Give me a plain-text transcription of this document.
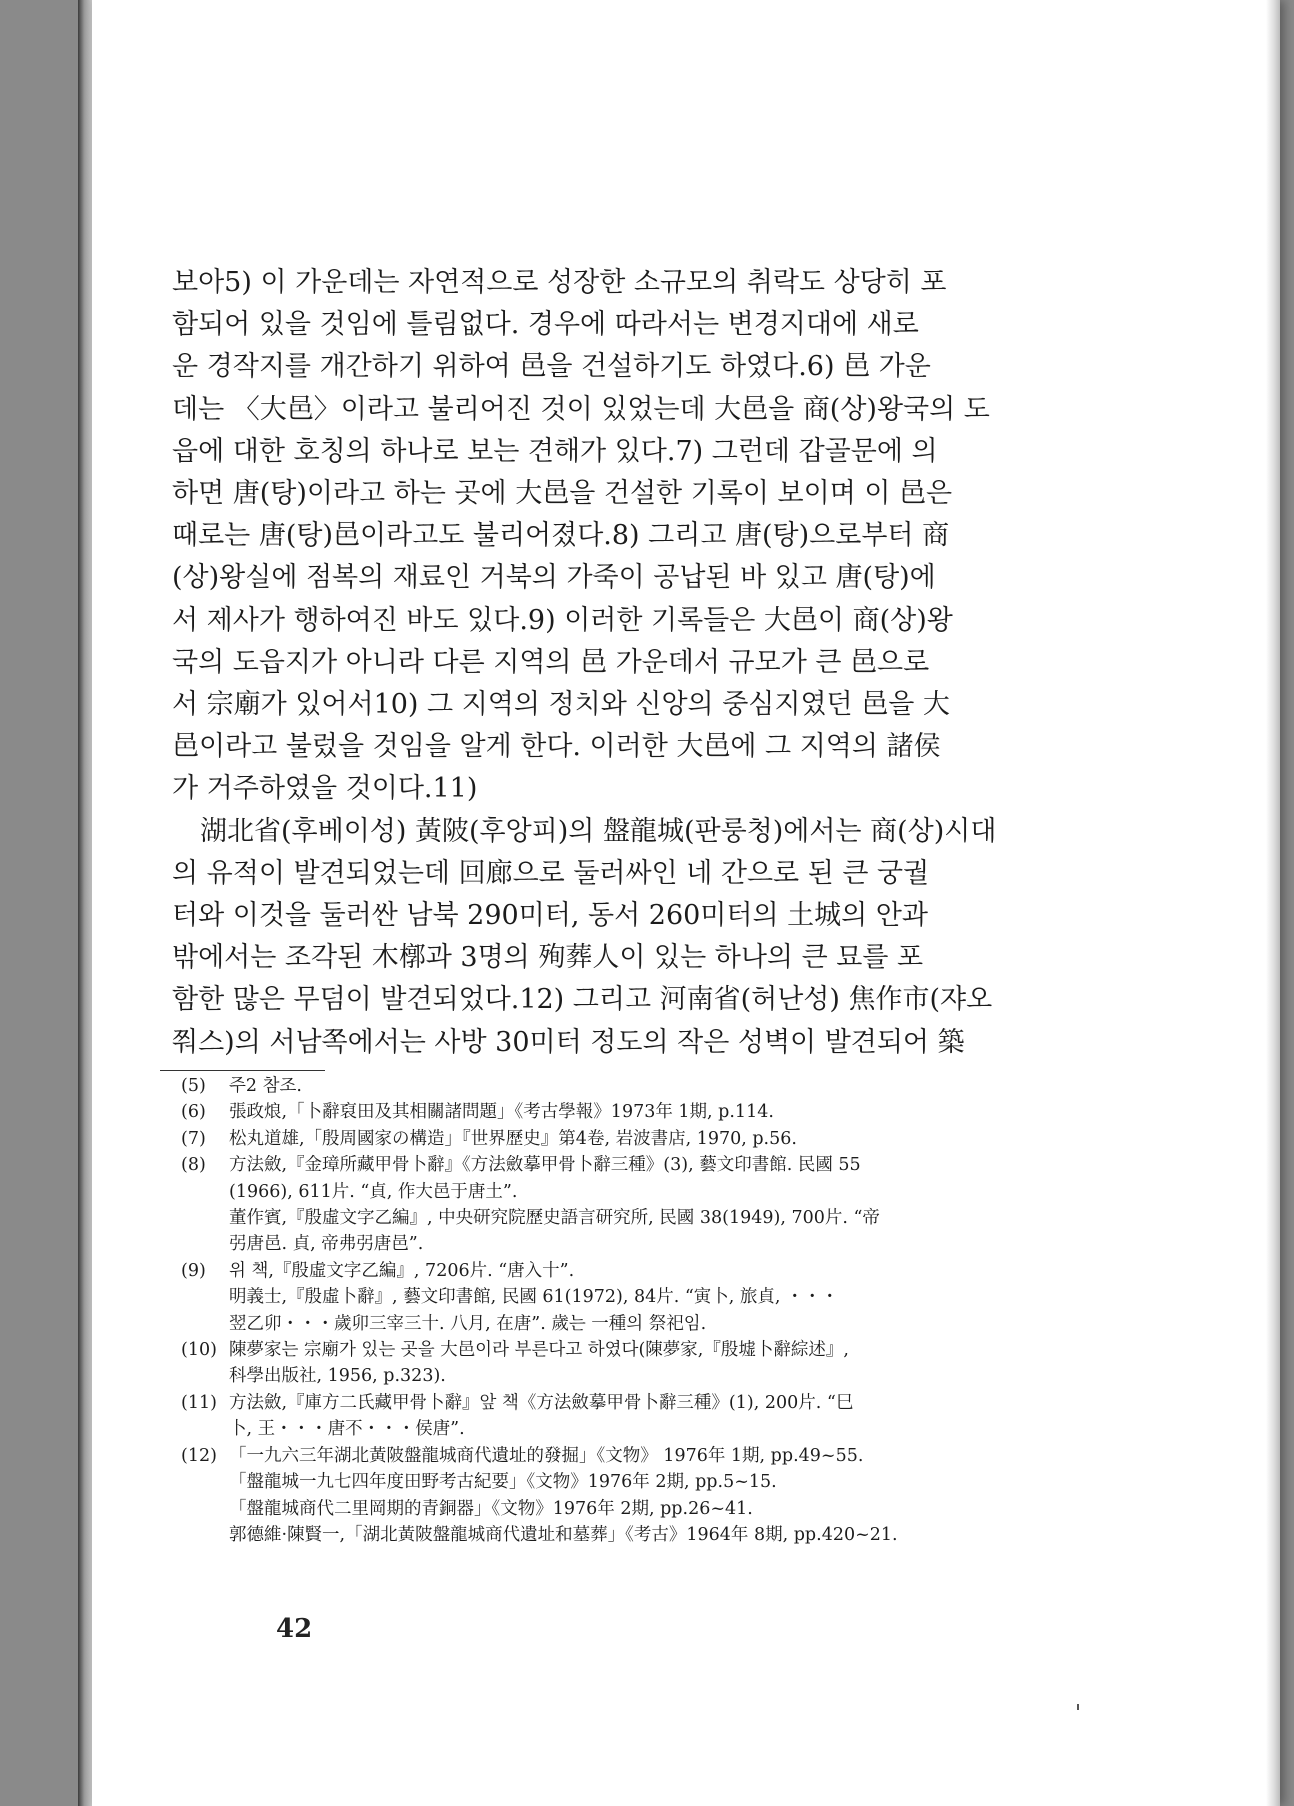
보아5) 이 가운데는 자연적으로 성장한 소규모의 취락도 상당히 포
함되어 있을 것임에 틀림없다. 경우에 따라서는 변경지대에 새로
운 경작지를 개간하기 위하여 邑을 건설하기도 하였다.6) 邑 가운
데는 〈大邑〉이라고 불리어진 것이 있었는데 大邑을 商(상)왕국의 도
읍에 대한 호칭의 하나로 보는 견해가 있다.7) 그런데 갑골문에 의
하면 唐(탕)이라고 하는 곳에 大邑을 건설한 기록이 보이며 이 邑은
때로는 唐(탕)邑이라고도 불리어졌다.8) 그리고 唐(탕)으로부터 商
(상)왕실에 점복의 재료인 거북의 가죽이 공납된 바 있고 唐(탕)에
서 제사가 행하여진 바도 있다.9) 이러한 기록들은 大邑이 商(상)왕
국의 도읍지가 아니라 다른 지역의 邑 가운데서 규모가 큰 邑으로
서 宗廟가 있어서10) 그 지역의 정치와 신앙의 중심지였던 邑을 大
邑이라고 불렀을 것임을 알게 한다. 이러한 大邑에 그 지역의 諸侯
가 거주하였을 것이다.11)

湖北省(후베이성) 黃陂(후앙피)의 盤龍城(판룽청)에서는 商(상)시대
의 유적이 발견되었는데 回廊으로 둘러싸인 네 간으로 된 큰 궁궐
터와 이것을 둘러싼 남북 290미터, 동서 260미터의 土城의 안과
밖에서는 조각된 木槨과 3명의 殉葬人이 있는 하나의 큰 묘를 포
함한 많은 무덤이 발견되었다.12) 그리고 河南省(허난성) 焦作市(쟈오
쭤스)의 서남쪽에서는 사방 30미터 정도의 작은 성벽이 발견되어 築

(5) 주2 참조.
(6) 張政烺,「卜辭裒田及其相關諸問題」《考古學報》1973年 1期, p.114.
(7) 松丸道雄,「殷周國家の構造」『世界歷史』第4卷, 岩波書店, 1970, p.56.
(8) 方法斂,『金璋所藏甲骨卜辭』《方法斂摹甲骨卜辭三種》(3), 藝文印書館. 民國 55
(1966), 611片. “貞, 作大邑于唐土”.
董作賓,『殷虛文字乙編』, 中央研究院歷史語言研究所, 民國 38(1949), 700片. “帝
弜唐邑. 貞, 帝弗弜唐邑”.
(9) 위 책,『殷虛文字乙編』, 7206片. “唐入十”.
明義士,『殷虛卜辭』, 藝文印書館, 民國 61(1972), 84片. “寅卜, 旅貞, ・・・
翌乙卯・・・歲卯三宰三十. 八月, 在唐”. 歲는 一種의 祭祀임.
(10) 陳夢家는 宗廟가 있는 곳을 大邑이라 부른다고 하였다(陳夢家,『殷墟卜辭綜述』,
科學出版社, 1956, p.323).
(11) 方法斂,『庫方二氏藏甲骨卜辭』앞 책《方法斂摹甲骨卜辭三種》(1), 200片. “巳
卜, 王・・・唐不・・・侯唐”.
(12) 「一九六三年湖北黃陂盤龍城商代遺址的發掘」《文物》 1976年 1期, pp.49~55.
「盤龍城一九七四年度田野考古紀要」《文物》1976年 2期, pp.5~15.
「盤龍城商代二里岡期的青銅器」《文物》1976年 2期, pp.26~41.
郭德維·陳賢一,「湖北黃陂盤龍城商代遺址和墓葬」《考古》1964年 8期, pp.420~21.
42
